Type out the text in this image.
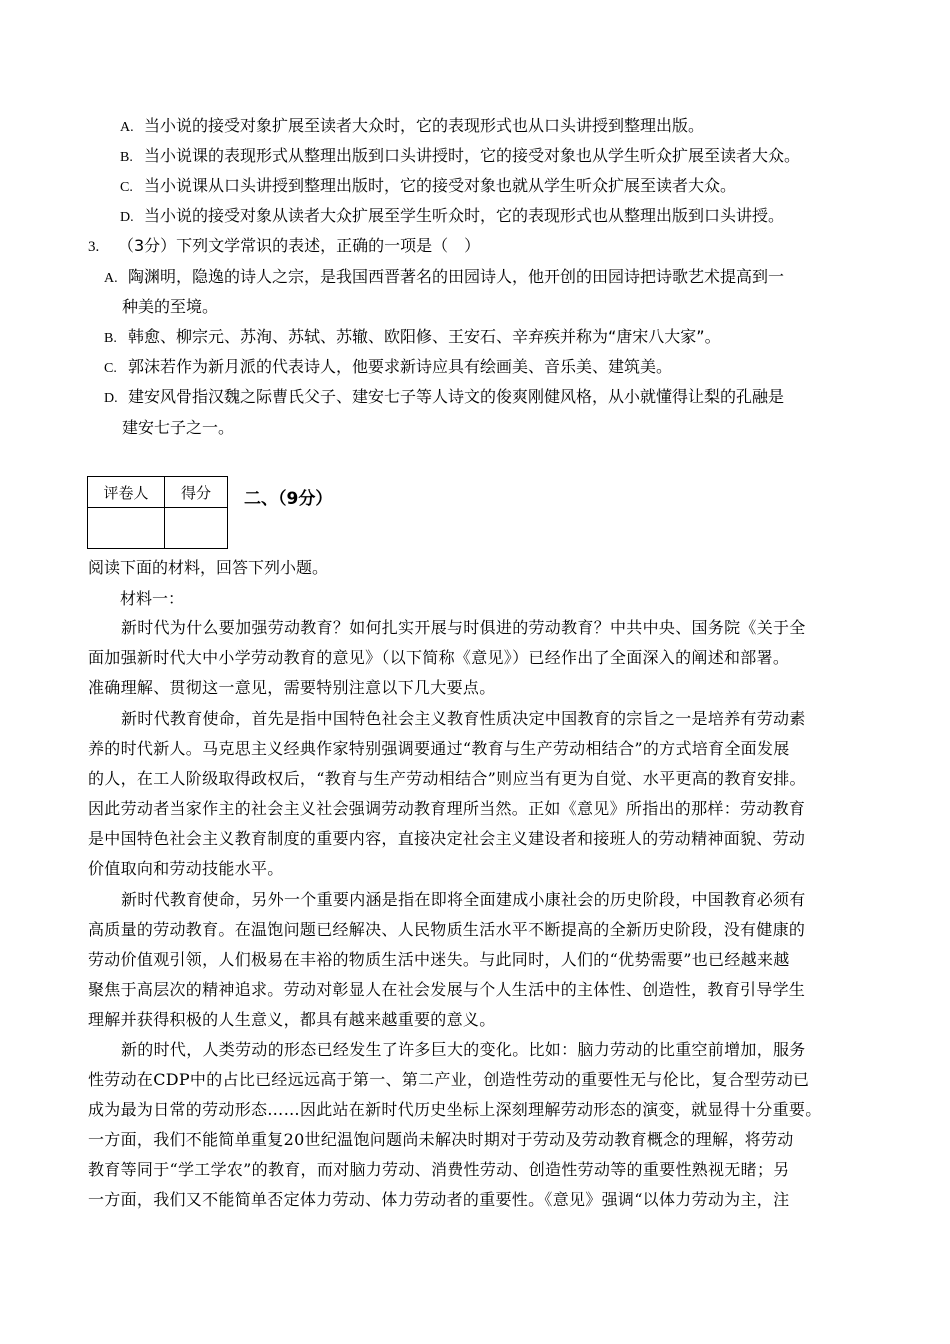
A. 当小说的接受对象扩展至读者大众时，它的表现形式也从口头讲授到整理出版。
B. 当小说课的表现形式从整理出版到口头讲授时，它的接受对象也从学生听众扩展至读者大众。
C. 当小说课从口头讲授到整理出版时，它的接受对象也就从学生听众扩展至读者大众。
D. 当小说的接受对象从读者大众扩展至学生听众时，它的表现形式也从整理出版到口头讲授。
3. （3分）下列文学常识的表述，正确的一项是（　）
A. 陶渊明，隐逸的诗人之宗，是我国西晋著名的田园诗人，他开创的田园诗把诗歌艺术提高到一
种美的至境。
B. 韩愈、柳宗元、苏洵、苏轼、苏辙、欧阳修、王安石、辛弃疾并称为“唐宋八大家”。
C. 郭沫若作为新月派的代表诗人，他要求新诗应具有绘画美、音乐美、建筑美。
D. 建安风骨指汉魏之际曹氏父子、建安七子等人诗文的俊爽刚健风格，从小就懂得让梨的孔融是
建安七子之一。
评卷人	得分
	二、（9分）
阅读下面的材料，回答下列小题。
材料一：
新时代为什么要加强劳动教育？如何扎实开展与时俱进的劳动教育？中共中央、国务院《关于全
面加强新时代大中小学劳动教育的意见》（以下简称《意见》）已经作出了全面深入的阐述和部署。
准确理解、贯彻这一意见，需要特别注意以下几大要点。
新时代教育使命，首先是指中国特色社会主义教育性质决定中国教育的宗旨之一是培养有劳动素
养的时代新人。马克思主义经典作家特别强调要通过“教育与生产劳动相结合”的方式培育全面发展
的人，在工人阶级取得政权后，“教育与生产劳动相结合”则应当有更为自觉、水平更高的教育安排。
因此劳动者当家作主的社会主义社会强调劳动教育理所当然。正如《意见》所指出的那样：劳动教育
是中国特色社会主义教育制度的重要内容，直接决定社会主义建设者和接班人的劳动精神面貌、劳动
价值取向和劳动技能水平。
新时代教育使命，另外一个重要内涵是指在即将全面建成小康社会的历史阶段，中国教育必须有
高质量的劳动教育。在温饱问题已经解决、人民物质生活水平不断提高的全新历史阶段，没有健康的
劳动价值观引领，人们极易在丰裕的物质生活中迷失。与此同时，人们的“优势需要”也已经越来越
聚焦于高层次的精神追求。劳动对彰显人在社会发展与个人生活中的主体性、创造性，教育引导学生
理解并获得积极的人生意义，都具有越来越重要的意义。
新的时代，人类劳动的形态已经发生了许多巨大的变化。比如：脑力劳动的比重空前增加，服务
性劳动在CDP中的占比已经远远高于第一、第二产业，创造性劳动的重要性无与伦比，复合型劳动已
成为最为日常的劳动形态……因此站在新时代历史坐标上深刻理解劳动形态的演变，就显得十分重要。
一方面，我们不能简单重复20世纪温饱问题尚未解决时期对于劳动及劳动教育概念的理解，将劳动
教育等同于“学工学农”的教育，而对脑力劳动、消费性劳动、创造性劳动等的重要性熟视无睹；另
一方面，我们又不能简单否定体力劳动、体力劳动者的重要性。《意见》强调“以体力劳动为主，注
